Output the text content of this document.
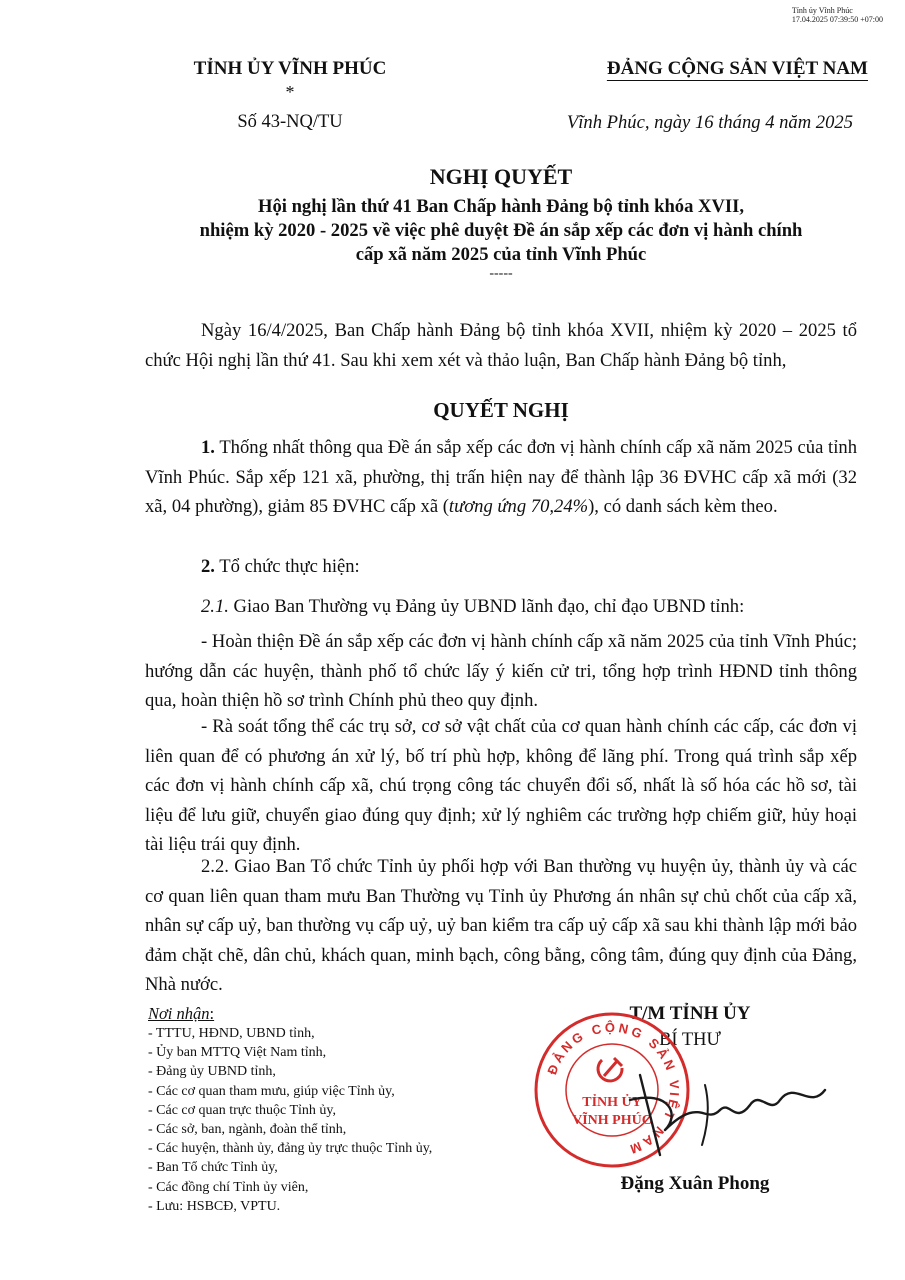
Tỉnh ủy Vĩnh Phúc
17.04.2025 07:39:50 +07:00
TỈNH ỦY VĨNH PHÚC
*
Số 43-NQ/TU
ĐẢNG CỘNG SẢN VIỆT NAM
Vĩnh Phúc, ngày 16 tháng 4 năm 2025
NGHỊ QUYẾT
Hội nghị lần thứ 41 Ban Chấp hành Đảng bộ tỉnh khóa XVII,
nhiệm kỳ 2020 - 2025 về việc phê duyệt Đề án sắp xếp các đơn vị hành chính
cấp xã năm 2025 của tỉnh Vĩnh Phúc
-----
Ngày 16/4/2025, Ban Chấp hành Đảng bộ tỉnh khóa XVII, nhiệm kỳ 2020 – 2025 tổ chức Hội nghị lần thứ 41. Sau khi xem xét và thảo luận, Ban Chấp hành Đảng bộ tỉnh,
QUYẾT NGHỊ
1. Thống nhất thông qua Đề án sắp xếp các đơn vị hành chính cấp xã năm 2025 của tỉnh Vĩnh Phúc. Sắp xếp 121 xã, phường, thị trấn hiện nay để thành lập 36 ĐVHC cấp xã mới (32 xã, 04 phường), giảm 85 ĐVHC cấp xã (tương ứng 70,24%), có danh sách kèm theo.
2. Tổ chức thực hiện:
2.1. Giao Ban Thường vụ Đảng ủy UBND lãnh đạo, chỉ đạo UBND tỉnh:
- Hoàn thiện Đề án sắp xếp các đơn vị hành chính cấp xã năm 2025 của tỉnh Vĩnh Phúc; hướng dẫn các huyện, thành phố tổ chức lấy ý kiến cử tri, tổng hợp trình HĐND tỉnh thông qua, hoàn thiện hồ sơ trình Chính phủ theo quy định.
- Rà soát tổng thể các trụ sở, cơ sở vật chất của cơ quan hành chính các cấp, các đơn vị liên quan để có phương án xử lý, bố trí phù hợp, không để lãng phí. Trong quá trình sắp xếp các đơn vị hành chính cấp xã, chú trọng công tác chuyển đổi số, nhất là số hóa các hồ sơ, tài liệu để lưu giữ, chuyển giao đúng quy định; xử lý nghiêm các trường hợp chiếm giữ, hủy hoại tài liệu trái quy định.
2.2. Giao Ban Tổ chức Tỉnh ủy phối hợp với Ban thường vụ huyện ủy, thành ủy và các cơ quan liên quan tham mưu Ban Thường vụ Tỉnh ủy Phương án nhân sự chủ chốt của cấp xã, nhân sự cấp uỷ, ban thường vụ cấp uỷ, uỷ ban kiểm tra cấp uỷ cấp xã sau khi thành lập mới bảo đảm chặt chẽ, dân chủ, khách quan, minh bạch, công bằng, công tâm, đúng quy định của Đảng, Nhà nước.
Nơi nhận:
- TTTU, HĐND, UBND tỉnh,
- Ủy ban MTTQ Việt Nam tỉnh,
- Đảng ủy UBND tỉnh,
- Các cơ quan tham mưu, giúp việc Tỉnh ủy,
- Các cơ quan trực thuộc Tỉnh ủy,
- Các sở, ban, ngành, đoàn thể tỉnh,
- Các huyện, thành ủy, đảng ủy trực thuộc Tỉnh ủy,
- Ban Tổ chức Tỉnh ủy,
- Các đồng chí Tỉnh ủy viên,
- Lưu: HSBCĐ, VPTU.
T/M TỈNH ỦY
BÍ THƯ
ĐẢNG CỘNG SẢN VIỆT NAM
TỈNH ỦY
VĨNH PHÚC
Đặng Xuân Phong
